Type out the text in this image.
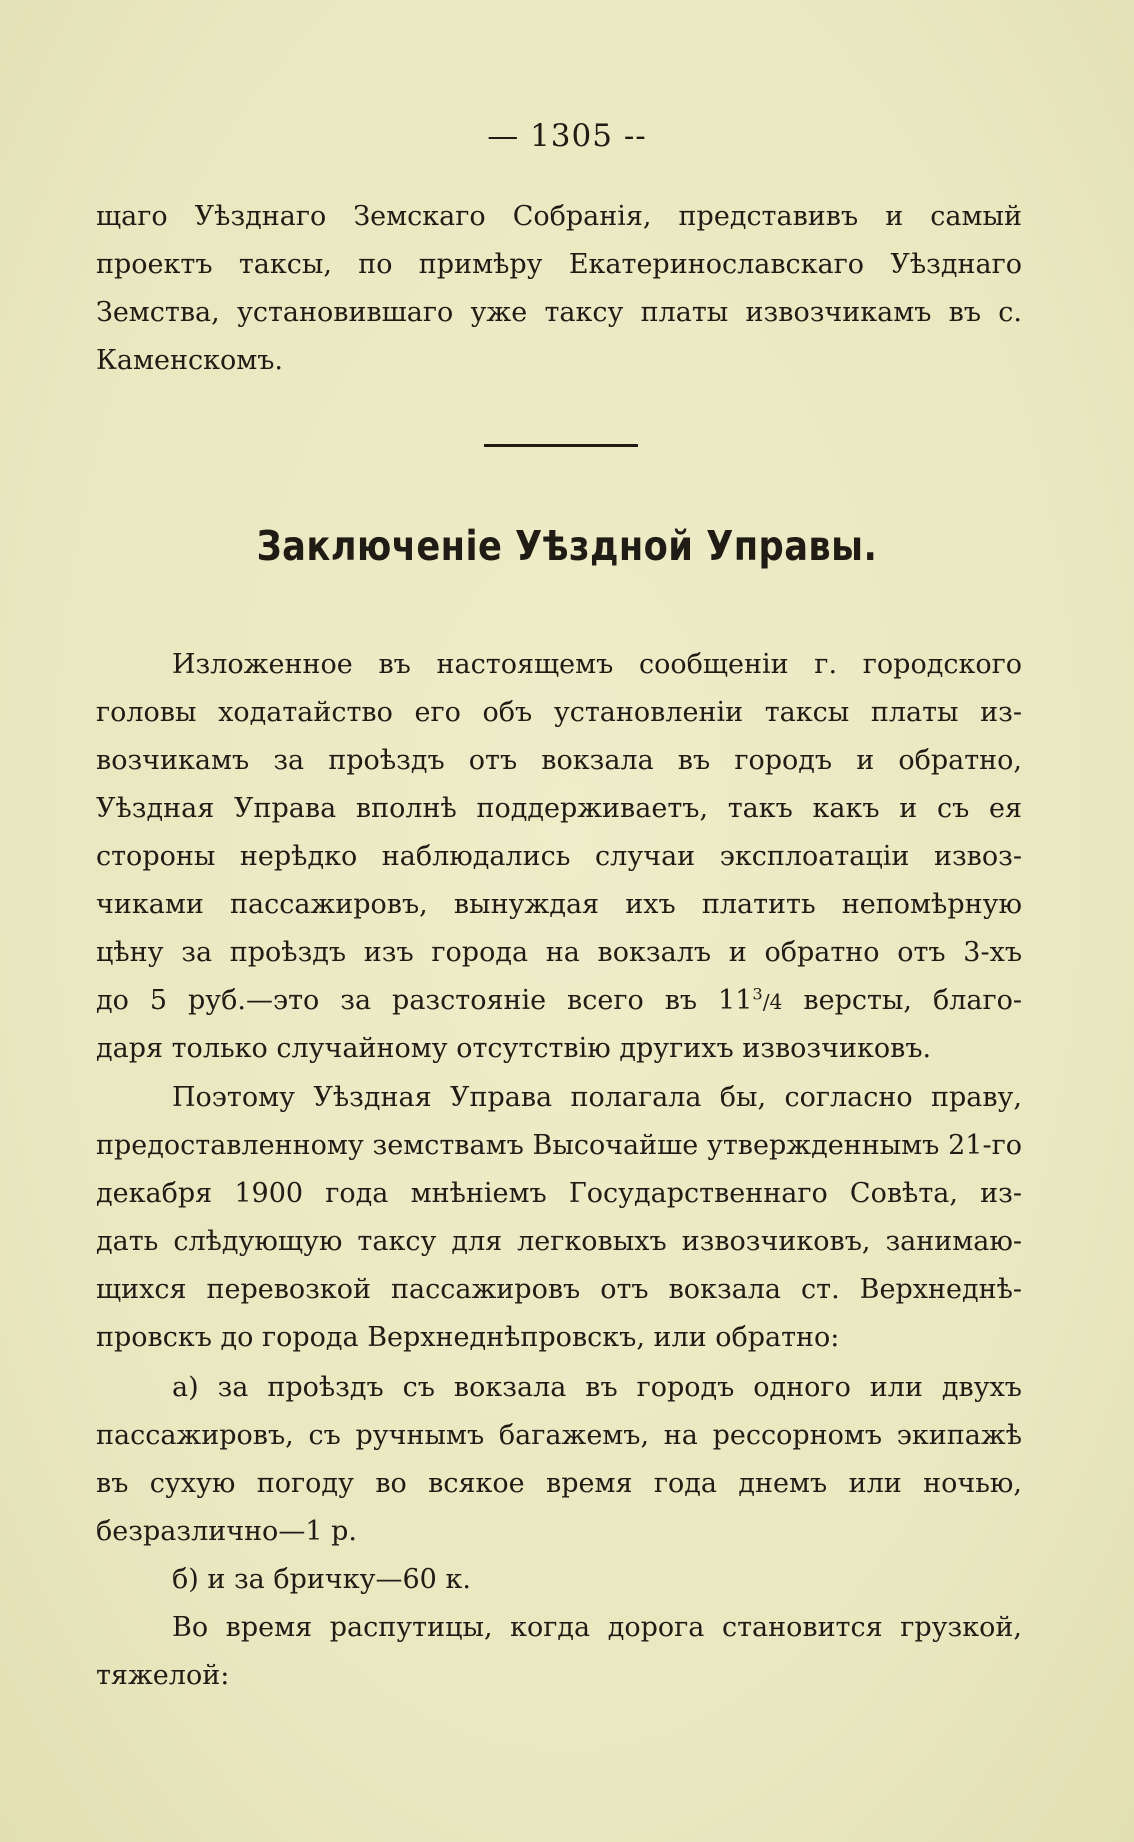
— 1305 --
щаго Уѣзднаго Земскаго Собранія, представивъ и самый
проектъ таксы, по примѣру Екатеринославскаго Уѣзднаго
Земства, установившаго уже таксу платы извозчикамъ въ с.
Каменскомъ.
Заключеніе Уѣздной Управы.
Изложенное въ настоящемъ сообщеніи г. городского
головы ходатайство его объ установленіи таксы платы из-
возчикамъ за проѣздъ отъ вокзала въ городъ и обратно,
Уѣздная Управа вполнѣ поддерживаетъ, такъ какъ и съ ея
стороны нерѣдко наблюдались случаи эксплоатаціи извоз-
чиками пассажировъ, вынуждая ихъ платить непомѣрную
цѣну за проѣздъ изъ города на вокзалъ и обратно отъ 3-хъ
до 5 руб.—это за разстояніе всего въ $11^3/4$ версты, благо-
даря только случайному отсутствію другихъ извозчиковъ.
Поэтому Уѣздная Управа полагала бы, согласно праву,
предоставленному земствамъ Высочайше утвержденнымъ 21-го
декабря 1900 года мнѣніемъ Государственнаго Совѣта, из-
дать слѣдующую таксу для легковыхъ извозчиковъ, занимаю-
щихся перевозкой пассажировъ отъ вокзала ст. Верхнеднѣ-
провскъ до города Верхнеднѣпровскъ, или обратно:
а) за проѣздъ съ вокзала въ городъ одного или двухъ
пассажировъ, съ ручнымъ багажемъ, на рессорномъ экипажѣ
въ сухую погоду во всякое время года днемъ или ночью,
безразлично—1 р.
б) и за бричку—60 к.
Во время распутицы, когда дорога становится грузкой,
тяжелой:
